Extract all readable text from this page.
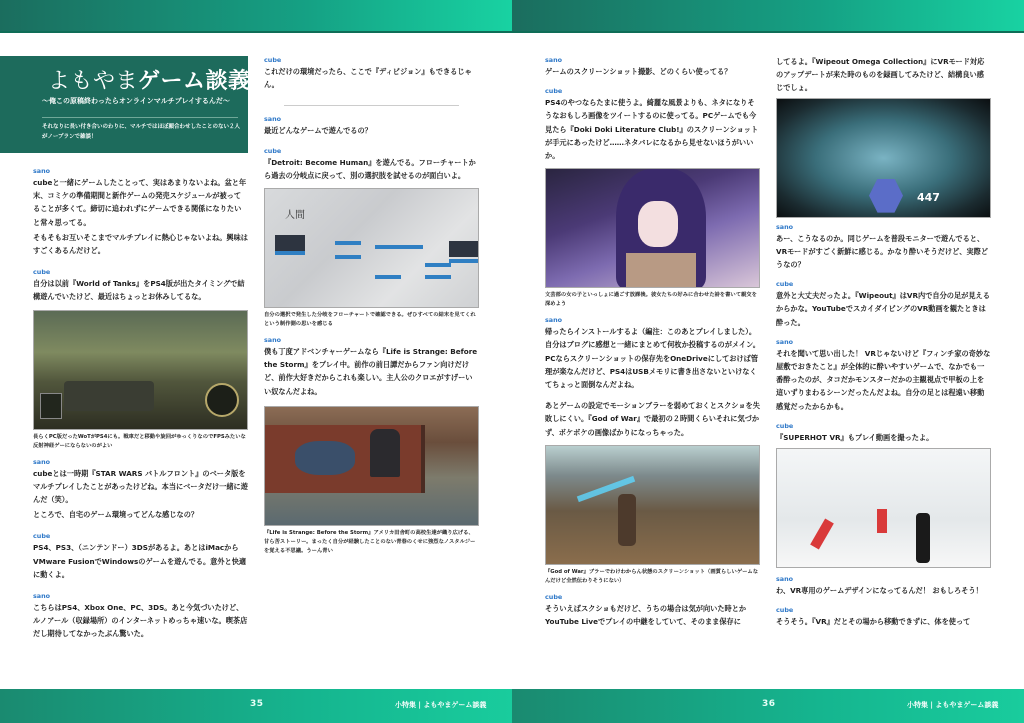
よもやまゲーム談義
〜俺この原稿終わったらオンラインマルチプレイするんだ〜
それなりに長い付き合いのわりに、マルチではほぼ顔合わせしたことのない２人がノープランで雑談！
sano
cubeと一緒にゲームしたことって、実はあまりないよね。盆と年末、コミケの準備期間と新作ゲームの発売スケジュールが被ってることが多くて。締切に追われずにゲームできる関係になりたいと常々思ってる。
そもそもお互いそこまでマルチプレイに熱心じゃないよね。興味はすごくあるんだけど。
cube
自分は以前『World of Tanks』をPS4版が出たタイミングで結構遊んでいたけど、最近はちょっとお休みしてるな。
長らくPC版だったWoTがPS4にも。戦車だと移動や旋回がゆっくりなのでFPSみたいな反射神経ゲーにならないのがよい
sano
cubeとは一時期『STAR WARS バトルフロント』のベータ版をマルチプレイしたことがあったけどね。本当にベータだけ一緒に遊んだ（笑）。
ところで、自宅のゲーム環境ってどんな感じなの？
cube
PS4、PS3、（ニンテンドー）3DSがあるよ。あとはiMacからVMware FusionでWindowsのゲームを遊んでる。意外と快適に動くよ。
sano
こちらはPS4、Xbox One、PC、3DS。あと今気づいたけど、ルノアール（収録場所）のインターネットめっちゃ速いな。喫茶店だし期待してなかったぶん驚いた。
cube
これだけの環境だったら、ここで『ディビジョン』もできるじゃん。
sano
最近どんなゲームで遊んでるの？
cube
『Detroit: Become Human』を遊んでる。フローチャートから過去の分岐点に戻って、別の選択肢を試せるのが面白いよ。
人間
自分の選択で発生した分岐をフローチャートで確認できる。ぜひすべての結末を見てくれという制作側の思いを感じる
sano
僕も丁度アドベンチャーゲームなら『Life is Strange: Before the Storm』をプレイ中。前作の前日譚だからファン向けだけど、前作大好きだからこれも楽しい。主人公のクロエがすげーいい奴なんだよね。
『Life is Strange: Before the Storm』アメリカ田舎町の高校生達が織り広げる、甘ら苦ストーリー。まったく自分が経験したことのない青春のくせに強烈なノスタルジーを覚える不思議。うーん青い
35	小特集 | よもやまゲーム談義
sano
ゲームのスクリーンショット撮影、どのくらい使ってる？
cube
PS4のやつならたまに使うよ。綺麗な風景よりも、ネタになりそうなおもしろ画像をツイートするのに使ってる。PCゲームでも今見たら『Doki Doki Literature Club!』のスクリーンショットが手元にあったけど……ネタバレになるから見せないほうがいいか。
文芸部の女の子といっしょに過ごす放課後。彼女たちの好みに合わせた詩を書いて親交を深めよう
sano
帰ったらインストールするよ（編注：このあとプレイしました）。自分はブログに感想と一緒にまとめて何枚か投稿するのがメイン。PCならスクリーンショットの保存先をOneDriveにしておけば管理が楽なんだけど、PS4はUSBメモリに書き出さないといけなくてちょっと面倒なんだよね。
あとゲームの設定でモーションブラーを弱めておくとスクショを失敗しにくい。『God of War』で最初の２時間くらいそれに気づかず、ボケボケの画像ばかりになっちゃった。
『God of War』ブラーでわけわからん状態のスクリーンショット（画質らしいゲームなんだけど全然伝わりそうにない）
cube
そういえばスクショもだけど、うちの場合は気が向いた時とかYouTube Liveでプレイの中継をしていて、そのまま保存に
してるよ。『Wipeout Omega Collection』にVRモード対応のアップデートが来た時のものを録画してみたけど、結構良い感じでしょ。
447
sano
あー、こうなるのか。同じゲームを普段モニターで遊んでると、VRモードがすごく新鮮に感じる。かなり酔いそうだけど、実際どうなの？
cube
意外と大丈夫だったよ。『Wipeout』はVR内で自分の足が見えるからかな。YouTubeでスカイダイビングのVR動画を観たときは酔った。
sano
それを聞いて思い出した！ VRじゃないけど『フィンチ家の奇妙な屋敷でおきたこと』が全体的に酔いやすいゲームで、なかでも一番酔ったのが、タコだかモンスターだかの主観視点で甲板の上を這いずりまわるシーンだったんだよね。自分の足とは程遠い移動感覚だったからかも。
cube
『SUPERHOT VR』もプレイ動画を撮ったよ。
sano
わ、VR専用のゲームデザインになってるんだ！ おもしろそう！
cube
そうそう。『VR』だとその場から移動できずに、体を使って
36	小特集 | よもやまゲーム談義
